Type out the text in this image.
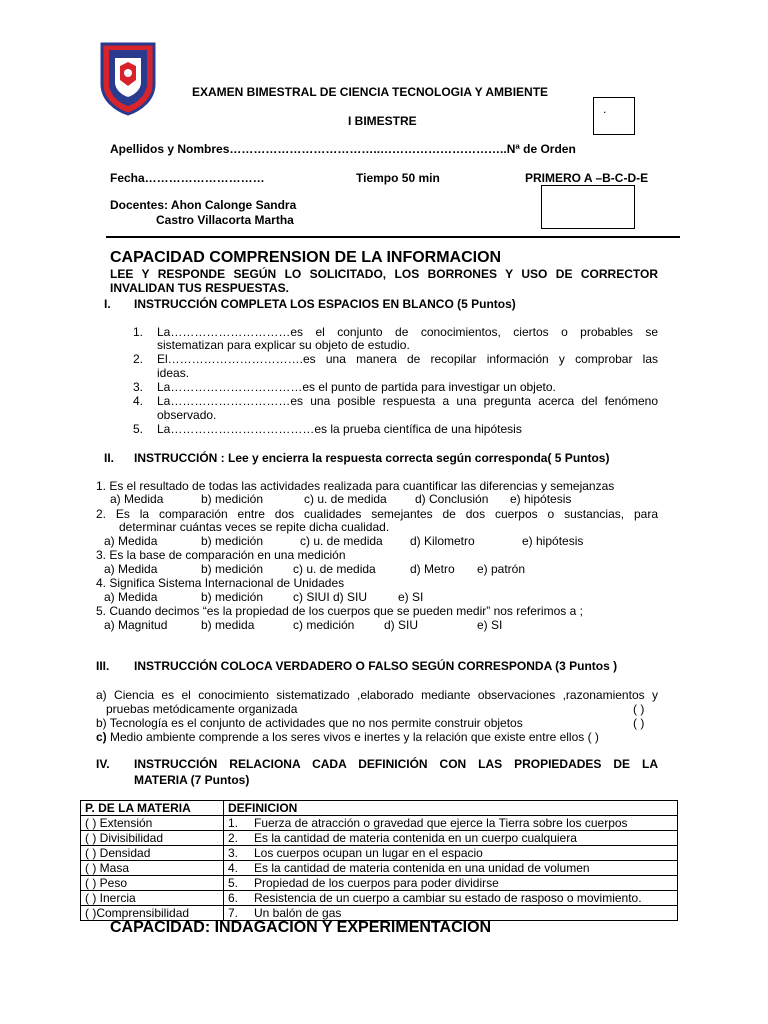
EXAMEN BIMESTRAL DE CIENCIA TECNOLOGIA Y AMBIENTE
I BIMESTRE
.
Apellidos y Nombres………………………………..…………………………..Nª de Orden
Fecha…………………………	Tiempo 50 min	PRIMERO A –B-C-D-E
Docentes: Ahon Calonge Sandra
Castro Villacorta Martha
CAPACIDAD COMPRENSION DE LA INFORMACION
LEE Y RESPONDE SEGÚN LO SOLICITADO, LOS BORRONES Y USO DE CORRECTOR
INVALIDAN TUS RESPUESTAS.
I. INSTRUCCIÓN COMPLETA LOS ESPACIOS EN BLANCO (5 Puntos)
1. La…………………………es el conjunto de conocimientos, ciertos o probables se
sistematizan para explicar su objeto de estudio.
2. El…………………………….es una manera de recopilar información y comprobar las
ideas.
3. La……………………………es el punto de partida para investigar un objeto.
4. La…………………………es una posible respuesta a una pregunta acerca del fenómeno
observado.
5. La………………………………es la prueba científica de una hipótesis
II. INSTRUCCIÓN : Lee y encierra la respuesta correcta según corresponda( 5 Puntos)
1. Es el resultado de todas las actividades realizada para cuantificar las diferencias y semejanzas
a) Medida	b) medición	c) u. de medida d) Conclusión e) hipótesis
2. Es la comparación entre dos cualidades semejantes de dos cuerpos o sustancias, para
determinar cuántas veces se repite dicha cualidad.
a) Medida	b) medición	c) u. de medida d) Kilometro	e) hipótesis
3. Es la base de comparación en una medición
a) Medida	b) medición c) u. de medida	d) Metro e) patrón
4. Significa Sistema Internacional de Unidades
a) Medida	b) medición c) SIUI d) SIU	e) SI
5. Cuando decimos “es la propiedad de los cuerpos que se pueden medir” nos referimos a ;
a) Magnitud	b) medida	c) medición d) SIU	e) SI
III. INSTRUCCIÓN COLOCA VERDADERO O FALSO SEGÚN CORRESPONDA (3 Puntos )
a) Ciencia es el conocimiento sistematizado ,elaborado mediante observaciones ,razonamientos y
pruebas metódicamente organizada	( )
b) Tecnología es el conjunto de actividades que no nos permite construir objetos	( )
c) Medio ambiente comprende a los seres vivos e inertes y la relación que existe entre ellos ( )
IV. INSTRUCCIÓN RELACIONA CADA DEFINICIÓN CON LAS PROPIEDADES DE LA
MATERIA (7 Puntos)
P. DE LA MATERIA	DEFINICION
( ) Extensión	1. Fuerza de atracción o gravedad que ejerce la Tierra sobre los cuerpos
( ) Divisibilidad	2. Es la cantidad de materia contenida en un cuerpo cualquiera
( ) Densidad	3. Los cuerpos ocupan un lugar en el espacio
( ) Masa	4. Es la cantidad de materia contenida en una unidad de volumen
( ) Peso	5. Propiedad de los cuerpos para poder dividirse
( ) Inercia	6. Resistencia de un cuerpo a cambiar su estado de rasposo o movimiento.
( )Comprensibilidad	7. Un balón de gas
CAPACIDAD: INDAGACION Y EXPERIMENTACION
